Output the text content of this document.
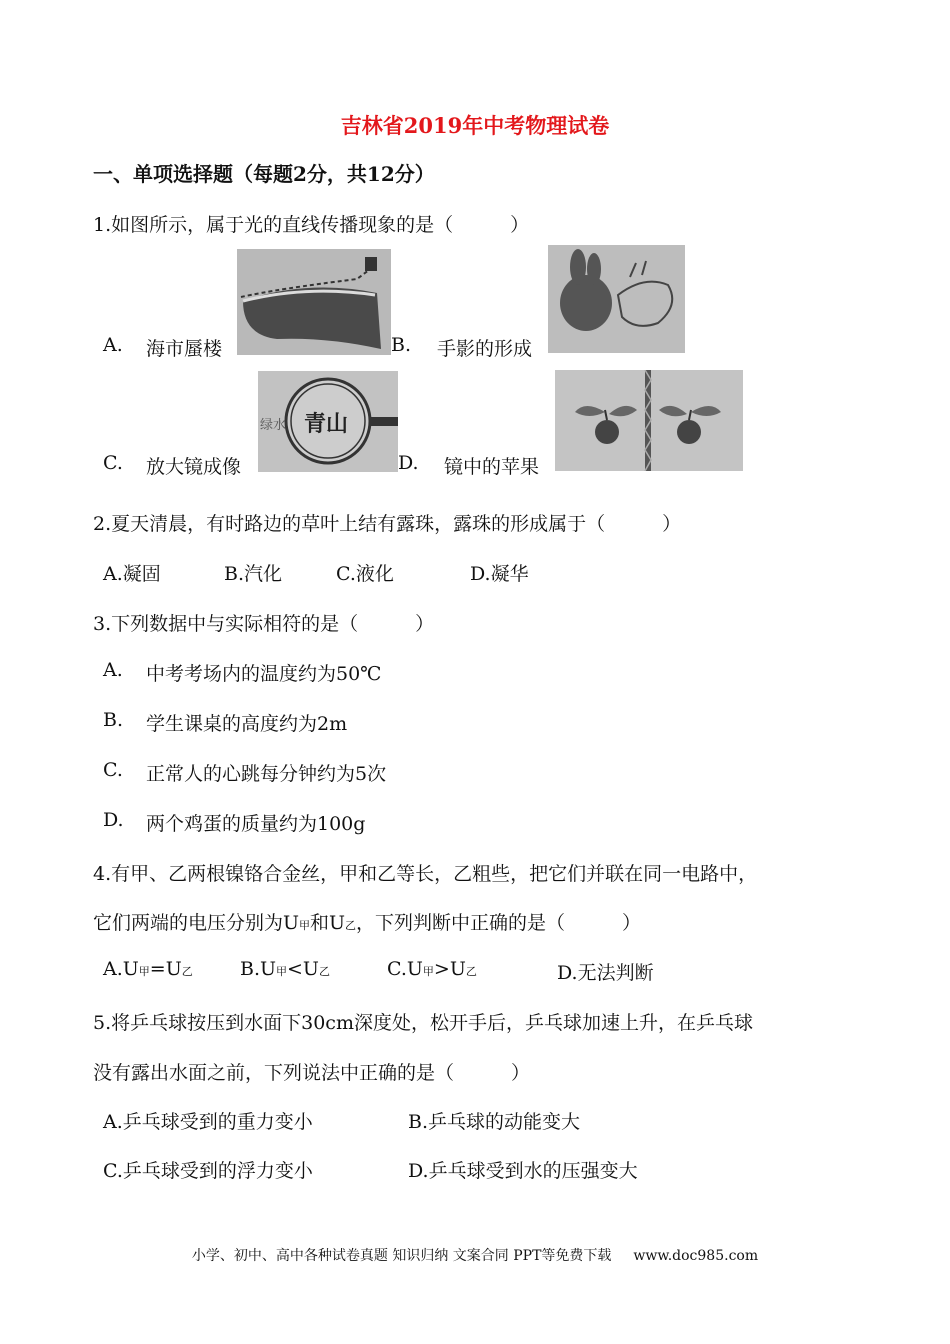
吉林省2019年中考物理试卷
一、单项选择题（每题2分，共12分）
1.如图所示，属于光的直线传播现象的是（　　　）
A. 海市蜃楼	B. 手影的形成
C. 放大镜成像
绿水 青山
D. 镜中的苹果
2.夏天清晨，有时路边的草叶上结有露珠，露珠的形成属于（　　　）
A.凝固	B.汽化	C.液化	D.凝华
3.下列数据中与实际相符的是（　　　）
A. 中考考场内的温度约为50℃
B. 学生课桌的高度约为2m
C. 正常人的心跳每分钟约为5次
D. 两个鸡蛋的质量约为100g
4.有甲、乙两根镍铬合金丝，甲和乙等长，乙粗些，把它们并联在同一电路中，
它们两端的电压分别为U甲和U乙，下列判断中正确的是（　　　）
A.U甲=U乙 B.U甲<U乙	C.U甲>U乙	D.无法判断
5.将乒乓球按压到水面下30cm深度处，松开手后，乒乓球加速上升，在乒乓球
没有露出水面之前，下列说法中正确的是（　　　）
A.乒乓球受到的重力变小	B.乒乓球的动能变大
C.乒乓球受到的浮力变小	D.乒乓球受到水的压强变大
小学、初中、高中各种试卷真题 知识归纳 文案合同 PPT等免费下载 www.doc985.com
